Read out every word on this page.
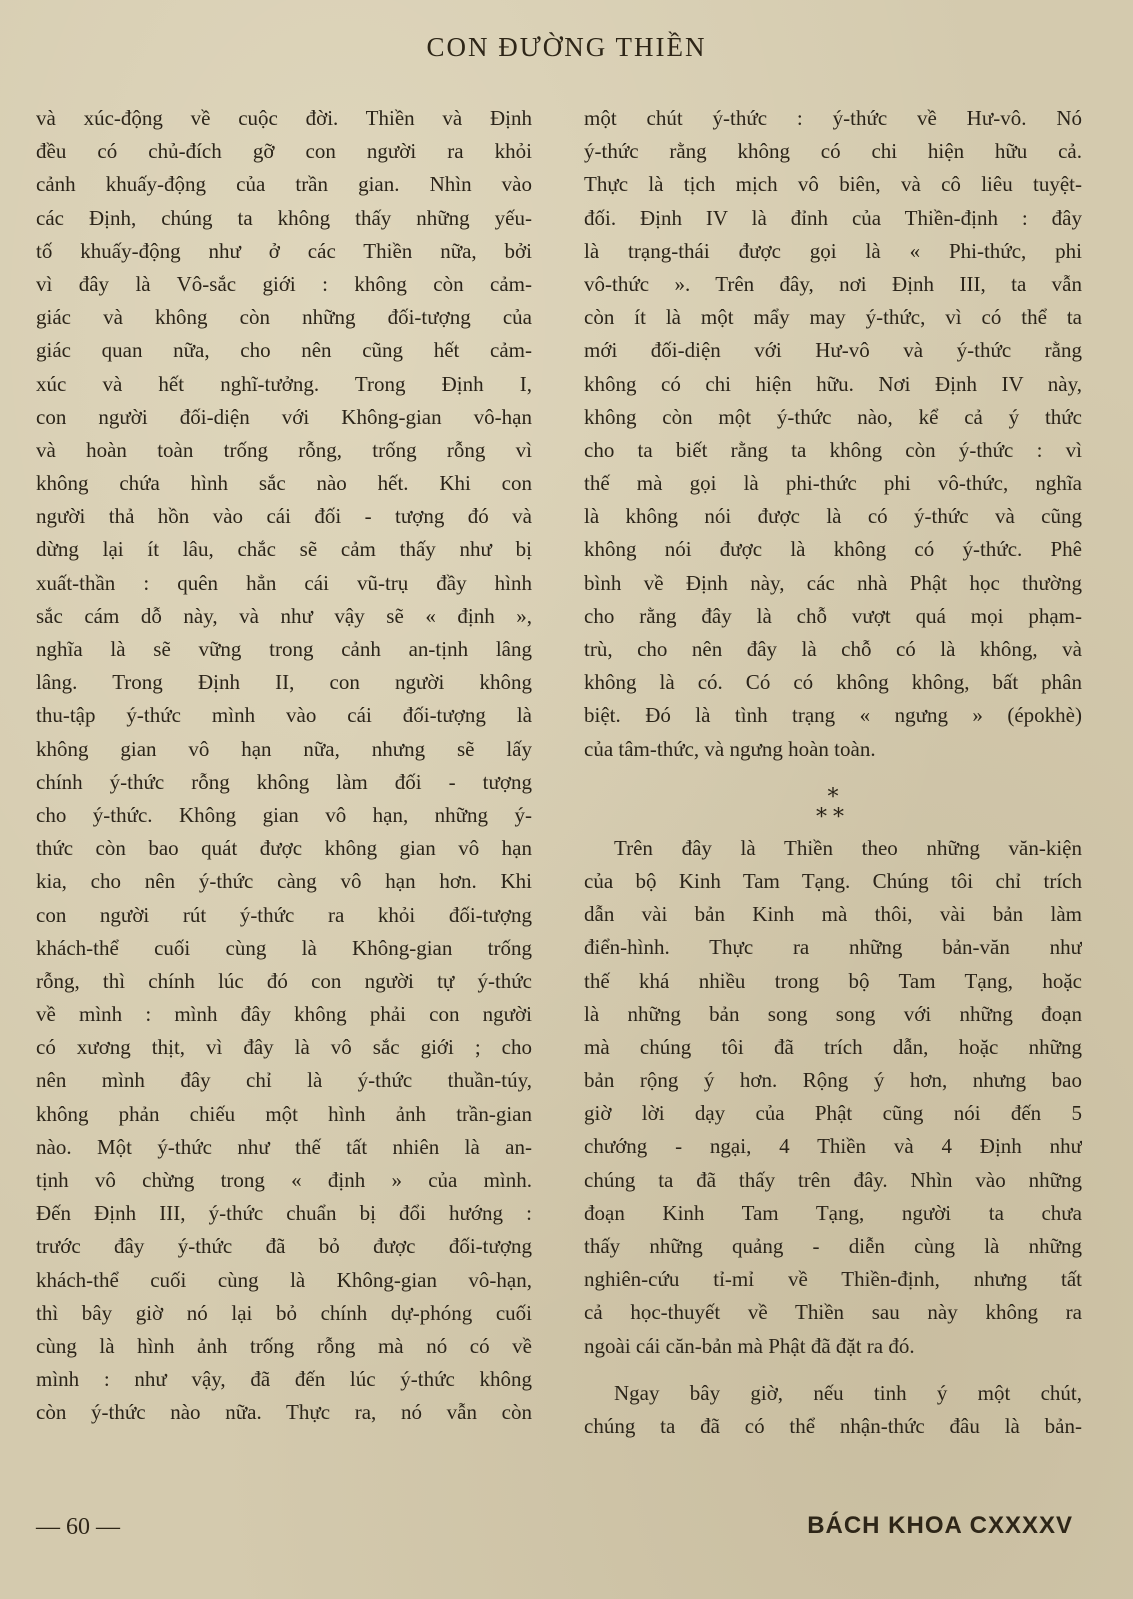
CON ĐƯỜNG THIỀN
và xúc-động về cuộc đời. Thiền và Định
đều có chủ-đích gỡ con người ra khỏi
cảnh khuấy-động của trần gian. Nhìn vào
các Định, chúng ta không thấy những yếu-
tố khuấy-động như ở các Thiền nữa, bởi
vì đây là Vô-sắc giới : không còn cảm-
giác và không còn những đối-tượng của
giác quan nữa, cho nên cũng hết cảm-
xúc và hết nghĩ-tưởng. Trong Định I,
con người đối-diện với Không-gian vô-hạn
và hoàn toàn trống rỗng, trống rỗng vì
không chứa hình sắc nào hết. Khi con
người thả hồn vào cái đối - tượng đó và
dừng lại ít lâu, chắc sẽ cảm thấy như bị
xuất-thần : quên hẳn cái vũ-trụ đầy hình
sắc cám dỗ này, và như vậy sẽ « định »,
nghĩa là sẽ vững trong cảnh an-tịnh lâng
lâng. Trong Định II, con người không
thu-tập ý-thức mình vào cái đối-tượng là
không gian vô hạn nữa, nhưng sẽ lấy
chính ý-thức rỗng không làm đối - tượng
cho ý-thức. Không gian vô hạn, những ý-
thức còn bao quát được không gian vô hạn
kia, cho nên ý-thức càng vô hạn hơn. Khi
con người rút ý-thức ra khỏi đối-tượng
khách-thể cuối cùng là Không-gian trống
rỗng, thì chính lúc đó con người tự ý-thức
về mình : mình đây không phải con người
có xương thịt, vì đây là vô sắc giới ; cho
nên mình đây chỉ là ý-thức thuần-túy,
không phản chiếu một hình ảnh trần-gian
nào. Một ý-thức như thế tất nhiên là an-
tịnh vô chừng trong « định » của mình.
Đến Định III, ý-thức chuẩn bị đổi hướng :
trước đây ý-thức đã bỏ được đối-tượng
khách-thể cuối cùng là Không-gian vô-hạn,
thì bây giờ nó lại bỏ chính dự-phóng cuối
cùng là hình ảnh trống rỗng mà nó có về
mình : như vậy, đã đến lúc ý-thức không
còn ý-thức nào nữa. Thực ra, nó vẫn còn
một chút ý-thức : ý-thức về Hư-vô. Nó
ý-thức rằng không có chi hiện hữu cả.
Thực là tịch mịch vô biên, và cô liêu tuyệt-
đối. Định IV là đỉnh của Thiền-định : đây
là trạng-thái được gọi là « Phi-thức, phi
vô-thức ». Trên đây, nơi Định III, ta vẫn
còn ít là một mẩy may ý-thức, vì có thể ta
mới đối-diện với Hư-vô và ý-thức rằng
không có chi hiện hữu. Nơi Định IV này,
không còn một ý-thức nào, kể cả ý thức
cho ta biết rằng ta không còn ý-thức : vì
thế mà gọi là phi-thức phi vô-thức, nghĩa
là không nói được là có ý-thức và cũng
không nói được là không có ý-thức. Phê
bình về Định này, các nhà Phật học thường
cho rằng đây là chỗ vượt quá mọi phạm-
trù, cho nên đây là chỗ có là không, và
không là có. Có có không không, bất phân
biệt. Đó là tình trạng « ngưng » (épokhè)
của tâm-thức, và ngưng hoàn toàn.
*
**
Trên đây là Thiền theo những văn-kiện
của bộ Kinh Tam Tạng. Chúng tôi chỉ trích
dẫn vài bản Kinh mà thôi, vài bản làm
điển-hình. Thực ra những bản-văn như
thế khá nhiều trong bộ Tam Tạng, hoặc
là những bản song song với những đoạn
mà chúng tôi đã trích dẫn, hoặc những
bản rộng ý hơn. Rộng ý hơn, nhưng bao
giờ lời dạy của Phật cũng nói đến 5
chướng - ngại, 4 Thiền và 4 Định như
chúng ta đã thấy trên đây. Nhìn vào những
đoạn Kinh Tam Tạng, người ta chưa
thấy những quảng - diễn cùng là những
nghiên-cứu tỉ-mỉ về Thiền-định, nhưng tất
cả học-thuyết về Thiền sau này không ra
ngoài cái căn-bản mà Phật đã đặt ra đó.
Ngay bây giờ, nếu tinh ý một chút,
chúng ta đã có thể nhận-thức đâu là bản-
— 60 —	BÁCH KHOA CXXXXV
